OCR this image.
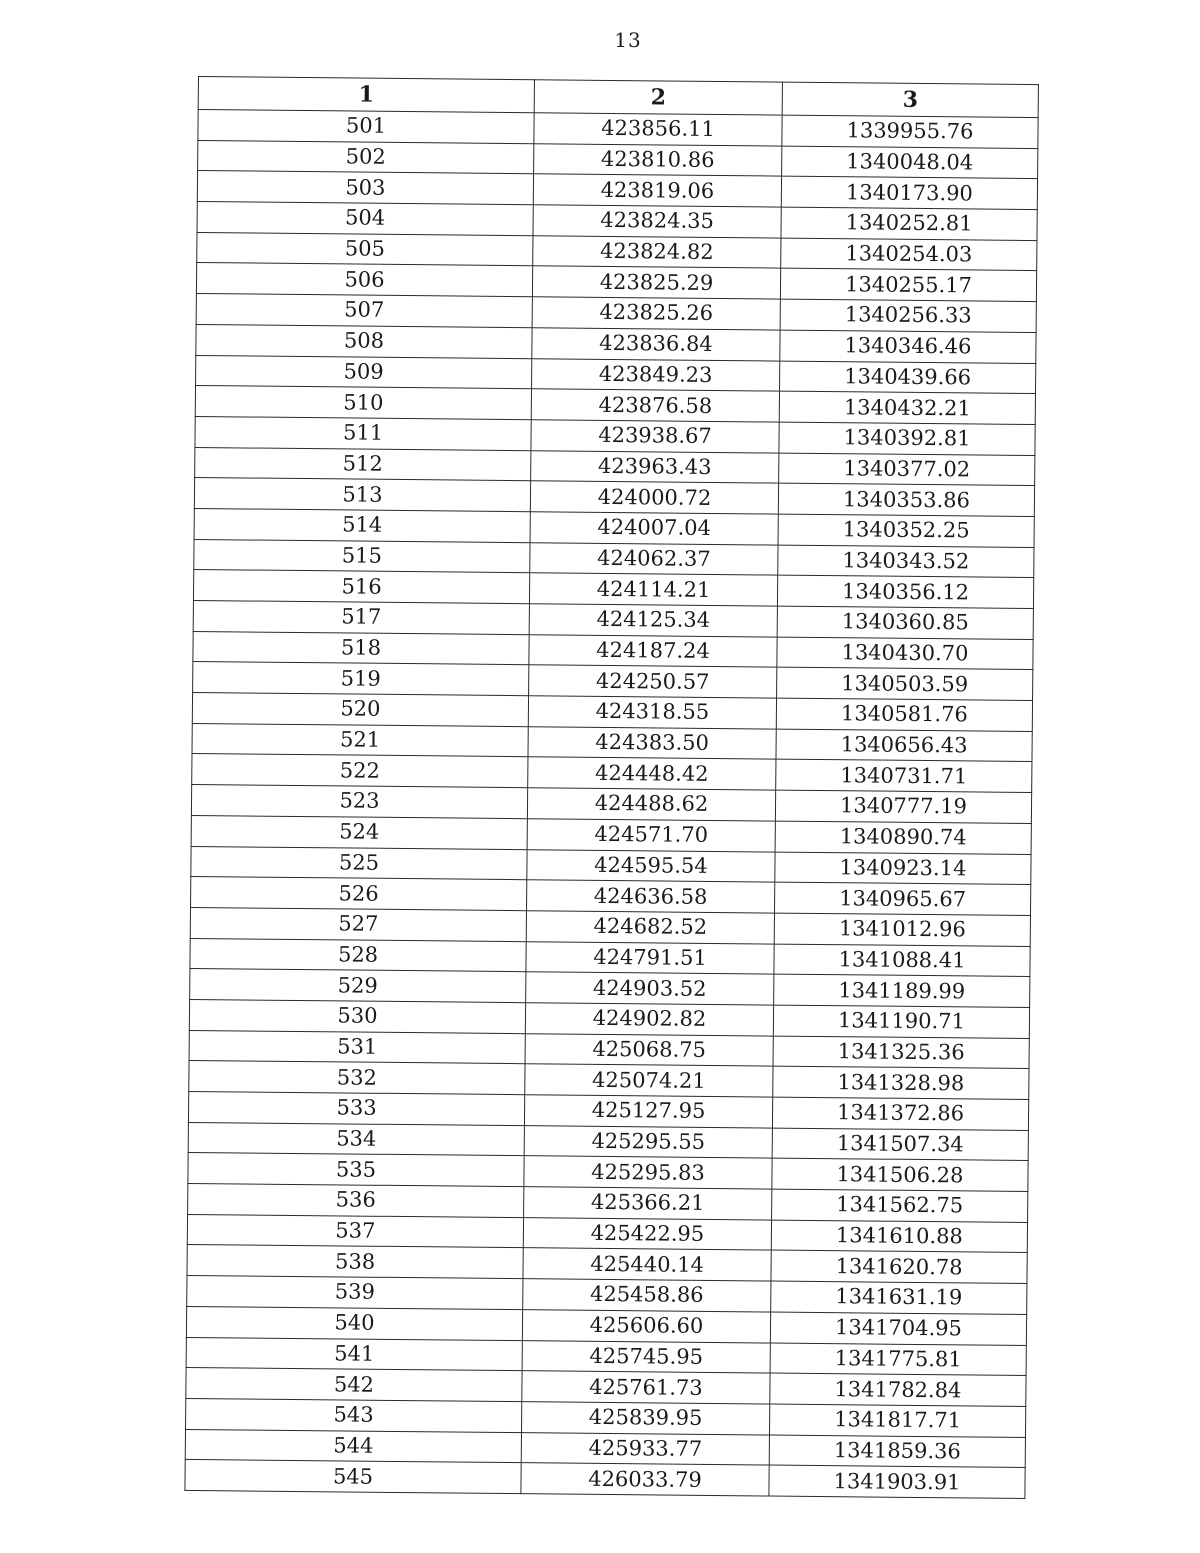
13
1	2	3
501	423856.11	1339955.76
502	423810.86	1340048.04
503	423819.06	1340173.90
504	423824.35	1340252.81
505	423824.82	1340254.03
506	423825.29	1340255.17
507	423825.26	1340256.33
508	423836.84	1340346.46
509	423849.23	1340439.66
510	423876.58	1340432.21
511	423938.67	1340392.81
512	423963.43	1340377.02
513	424000.72	1340353.86
514	424007.04	1340352.25
515	424062.37	1340343.52
516	424114.21	1340356.12
517	424125.34	1340360.85
518	424187.24	1340430.70
519	424250.57	1340503.59
520	424318.55	1340581.76
521	424383.50	1340656.43
522	424448.42	1340731.71
523	424488.62	1340777.19
524	424571.70	1340890.74
525	424595.54	1340923.14
526	424636.58	1340965.67
527	424682.52	1341012.96
528	424791.51	1341088.41
529	424903.52	1341189.99
530	424902.82	1341190.71
531	425068.75	1341325.36
532	425074.21	1341328.98
533	425127.95	1341372.86
534	425295.55	1341507.34
535	425295.83	1341506.28
536	425366.21	1341562.75
537	425422.95	1341610.88
538	425440.14	1341620.78
539	425458.86	1341631.19
540	425606.60	1341704.95
541	425745.95	1341775.81
542	425761.73	1341782.84
543	425839.95	1341817.71
544	425933.77	1341859.36
545	426033.79	1341903.91
